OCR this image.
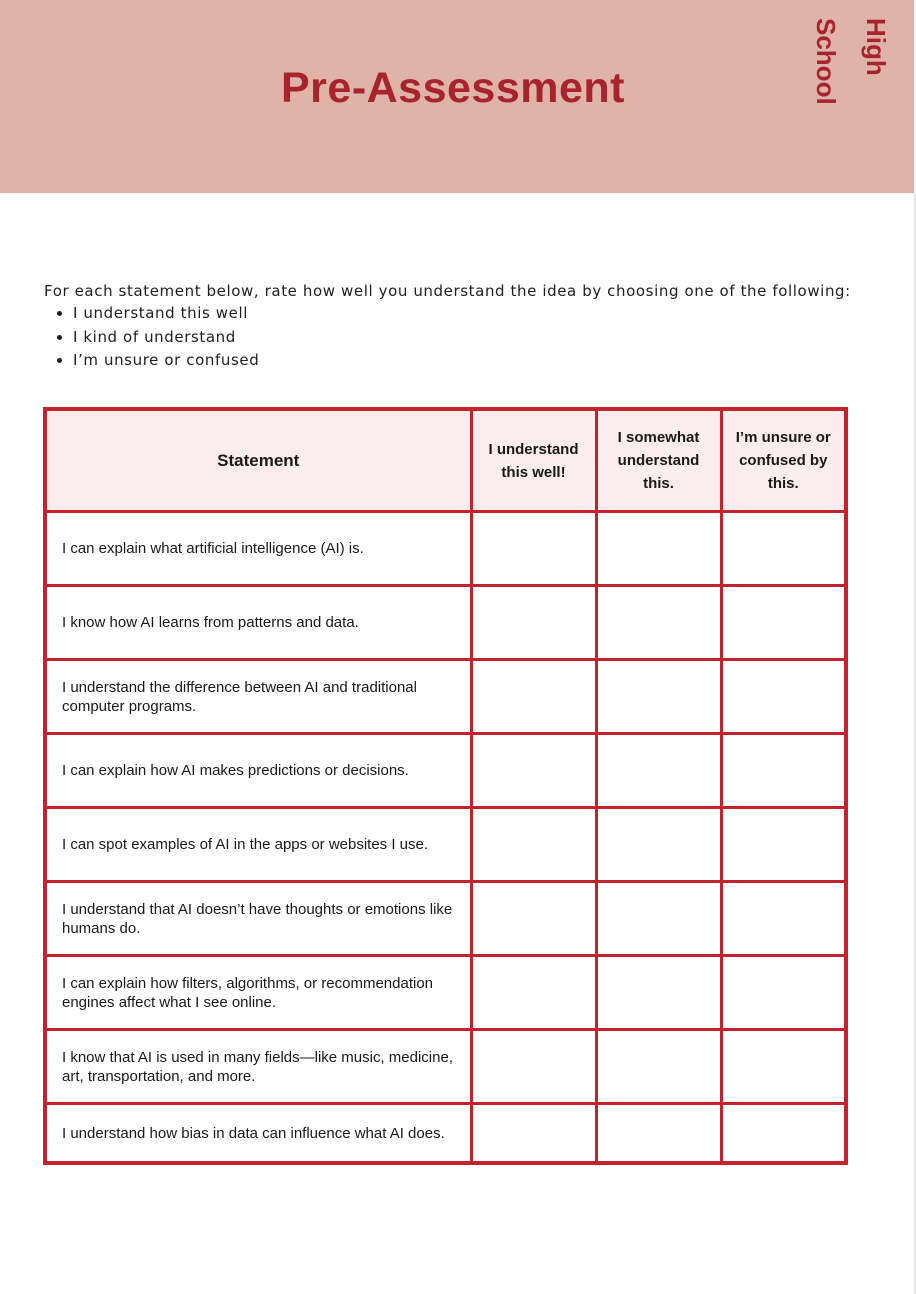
Pre-Assessment
High School

For each statement below, rate how well you understand the idea by choosing one of the following:

• I understand this well
• I kind of understand
• I’m unsure or confused
Statement	I understand this well!	I somewhat understand this.	I’m unsure or confused by this.
I can explain what artificial intelligence (AI) is.			
I know how AI learns from patterns and data.			
I understand the difference between AI and traditional computer programs.			
I can explain how AI makes predictions or decisions.			
I can spot examples of AI in the apps or websites I use.			
I understand that AI doesn’t have thoughts or emotions like humans do.			
I can explain how filters, algorithms, or recommendation engines affect what I see online.			
I know that AI is used in many fields—like music, medicine, art, transportation, and more.			
I understand how bias in data can influence what AI does.			
